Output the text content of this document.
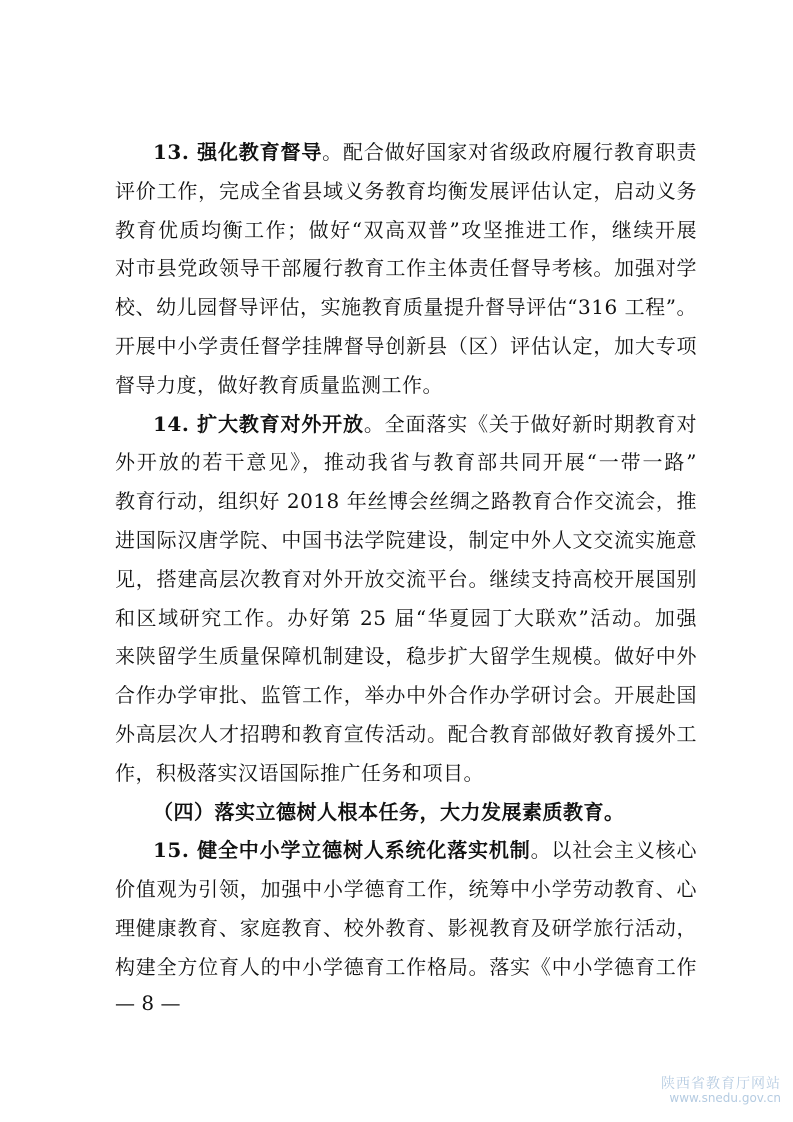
13. 强化教育督导。配合做好国家对省级政府履行教育职责
评价工作，完成全省县域义务教育均衡发展评估认定，启动义务
教育优质均衡工作；做好“双高双普”攻坚推进工作，继续开展
对市县党政领导干部履行教育工作主体责任督导考核。加强对学
校、幼儿园督导评估，实施教育质量提升督导评估“316 工程”。
开展中小学责任督学挂牌督导创新县（区）评估认定，加大专项
督导力度，做好教育质量监测工作。
14. 扩大教育对外开放。全面落实《关于做好新时期教育对
外开放的若干意见》，推动我省与教育部共同开展“一带一路”
教育行动，组织好 2018 年丝博会丝绸之路教育合作交流会，推
进国际汉唐学院、中国书法学院建设，制定中外人文交流实施意
见，搭建高层次教育对外开放交流平台。继续支持高校开展国别
和区域研究工作。办好第 25 届“华夏园丁大联欢”活动。加强
来陕留学生质量保障机制建设，稳步扩大留学生规模。做好中外
合作办学审批、监管工作，举办中外合作办学研讨会。开展赴国
外高层次人才招聘和教育宣传活动。配合教育部做好教育援外工
作，积极落实汉语国际推广任务和项目。
（四）落实立德树人根本任务，大力发展素质教育。
15. 健全中小学立德树人系统化落实机制。以社会主义核心
价值观为引领，加强中小学德育工作，统筹中小学劳动教育、心
理健康教育、家庭教育、校外教育、影视教育及研学旅行活动，
构建全方位育人的中小学德育工作格局。落实《中小学德育工作
— 8 —
陕西省教育厅网站
www.snedu.gov.cn
